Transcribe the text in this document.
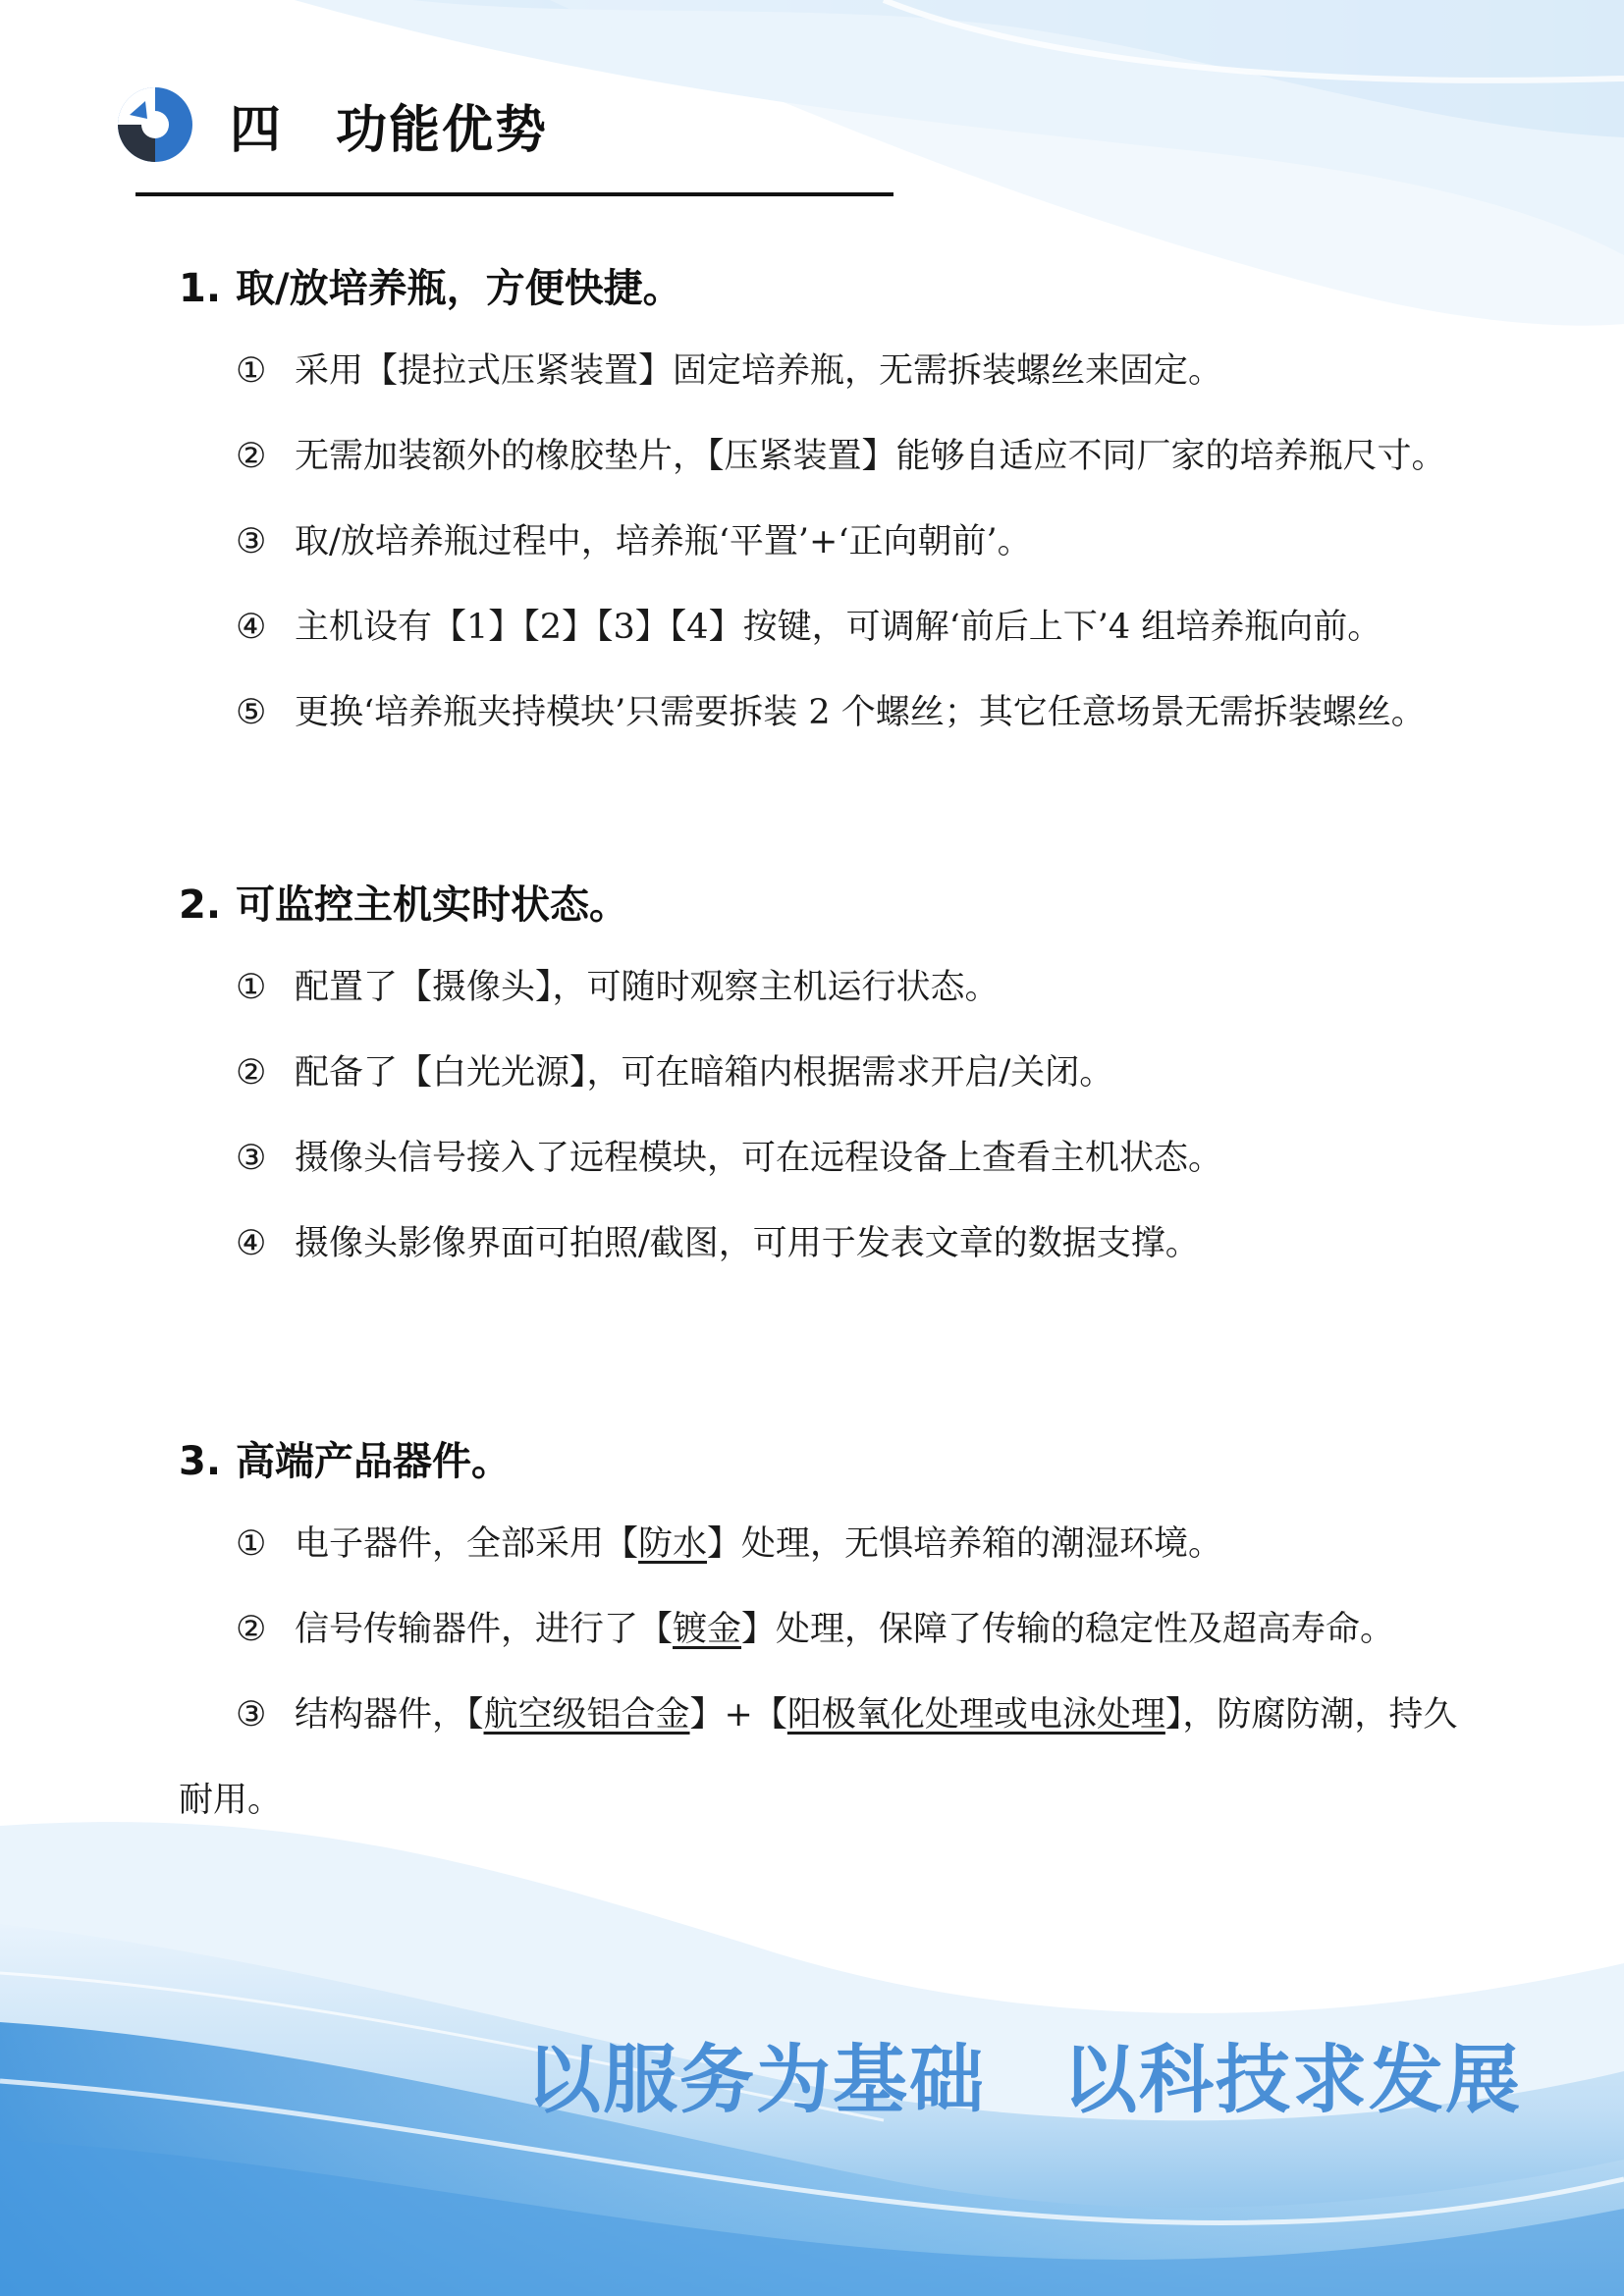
四　功能优势
1. 取/放培养瓶，方便快捷。
① 采用【提拉式压紧装置】固定培养瓶，无需拆装螺丝来固定。
② 无需加装额外的橡胶垫片，【压紧装置】能够自适应不同厂家的培养瓶尺寸。
③ 取/放培养瓶过程中，培养瓶‘平置’+‘正向朝前’。
④ 主机设有【1】【2】【3】【4】按键，可调解‘前后上下’4 组培养瓶向前。
⑤ 更换‘培养瓶夹持模块’只需要拆装 2 个螺丝；其它任意场景无需拆装螺丝。
2. 可监控主机实时状态。
① 配置了【摄像头】，可随时观察主机运行状态。
② 配备了【白光光源】，可在暗箱内根据需求开启/关闭。
③ 摄像头信号接入了远程模块，可在远程设备上查看主机状态。
④ 摄像头影像界面可拍照/截图，可用于发表文章的数据支撑。
3. 高端产品器件。
① 电子器件，全部采用【防水】处理，无惧培养箱的潮湿环境。
② 信号传输器件，进行了【镀金】处理，保障了传输的稳定性及超高寿命。
③ 结构器件，【航空级铝合金】+【阳极氧化处理或电泳处理】，防腐防潮，持久
耐用。
以服务为基础　以科技求发展
